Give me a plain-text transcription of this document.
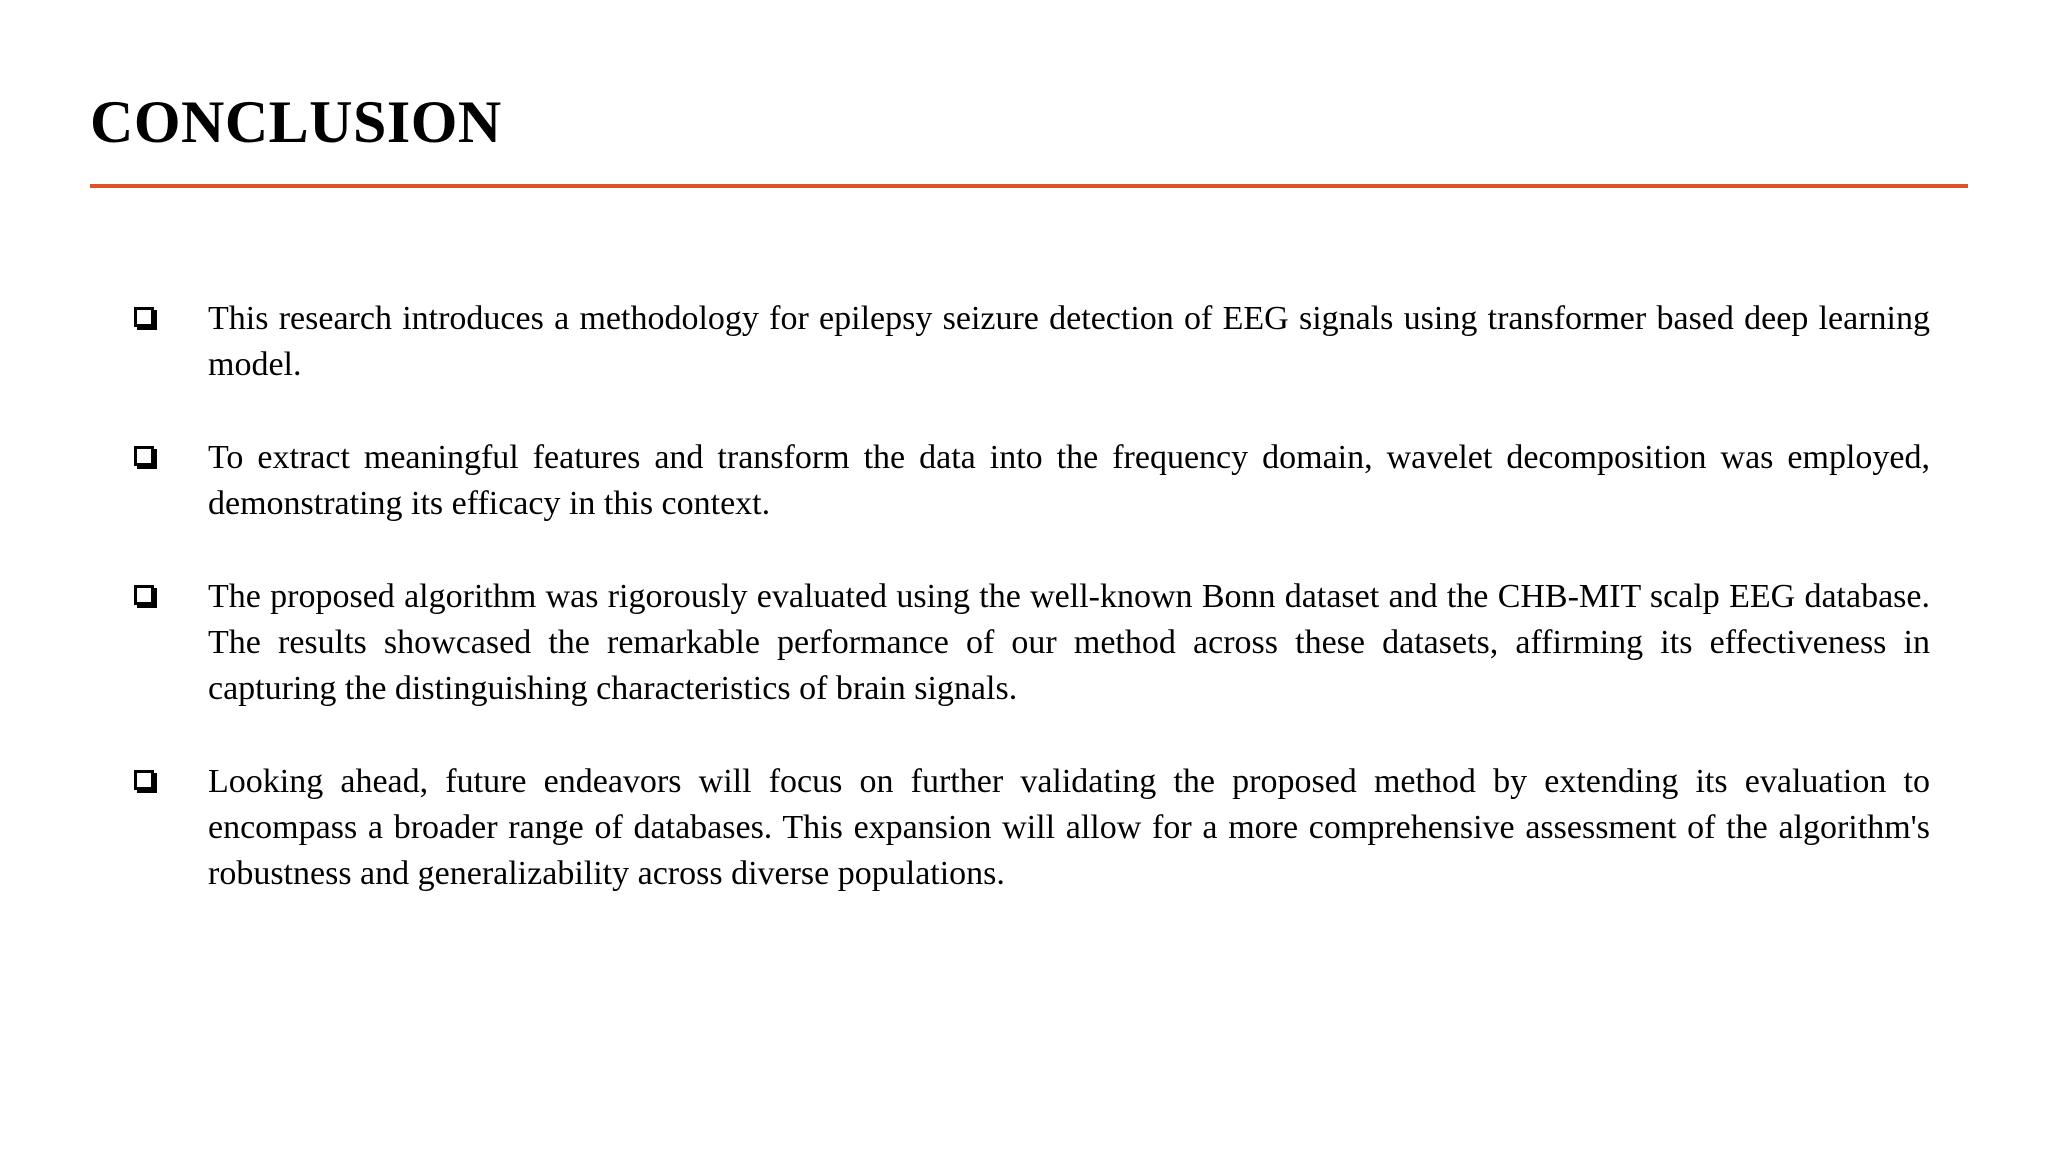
CONCLUSION
This research introduces a methodology for epilepsy seizure detection of EEG signals using transformer based deep learning model.
To extract meaningful features and transform the data into the frequency domain, wavelet decomposition was employed, demonstrating its efficacy in this context.
The proposed algorithm was rigorously evaluated using the well-known Bonn dataset and the CHB-MIT scalp EEG database. The results showcased the remarkable performance of our method across these datasets, affirming its effectiveness in capturing the distinguishing characteristics of brain signals.
Looking ahead, future endeavors will focus on further validating the proposed method by extending its evaluation to encompass a broader range of databases. This expansion will allow for a more comprehensive assessment of the algorithm's robustness and generalizability across diverse populations.
